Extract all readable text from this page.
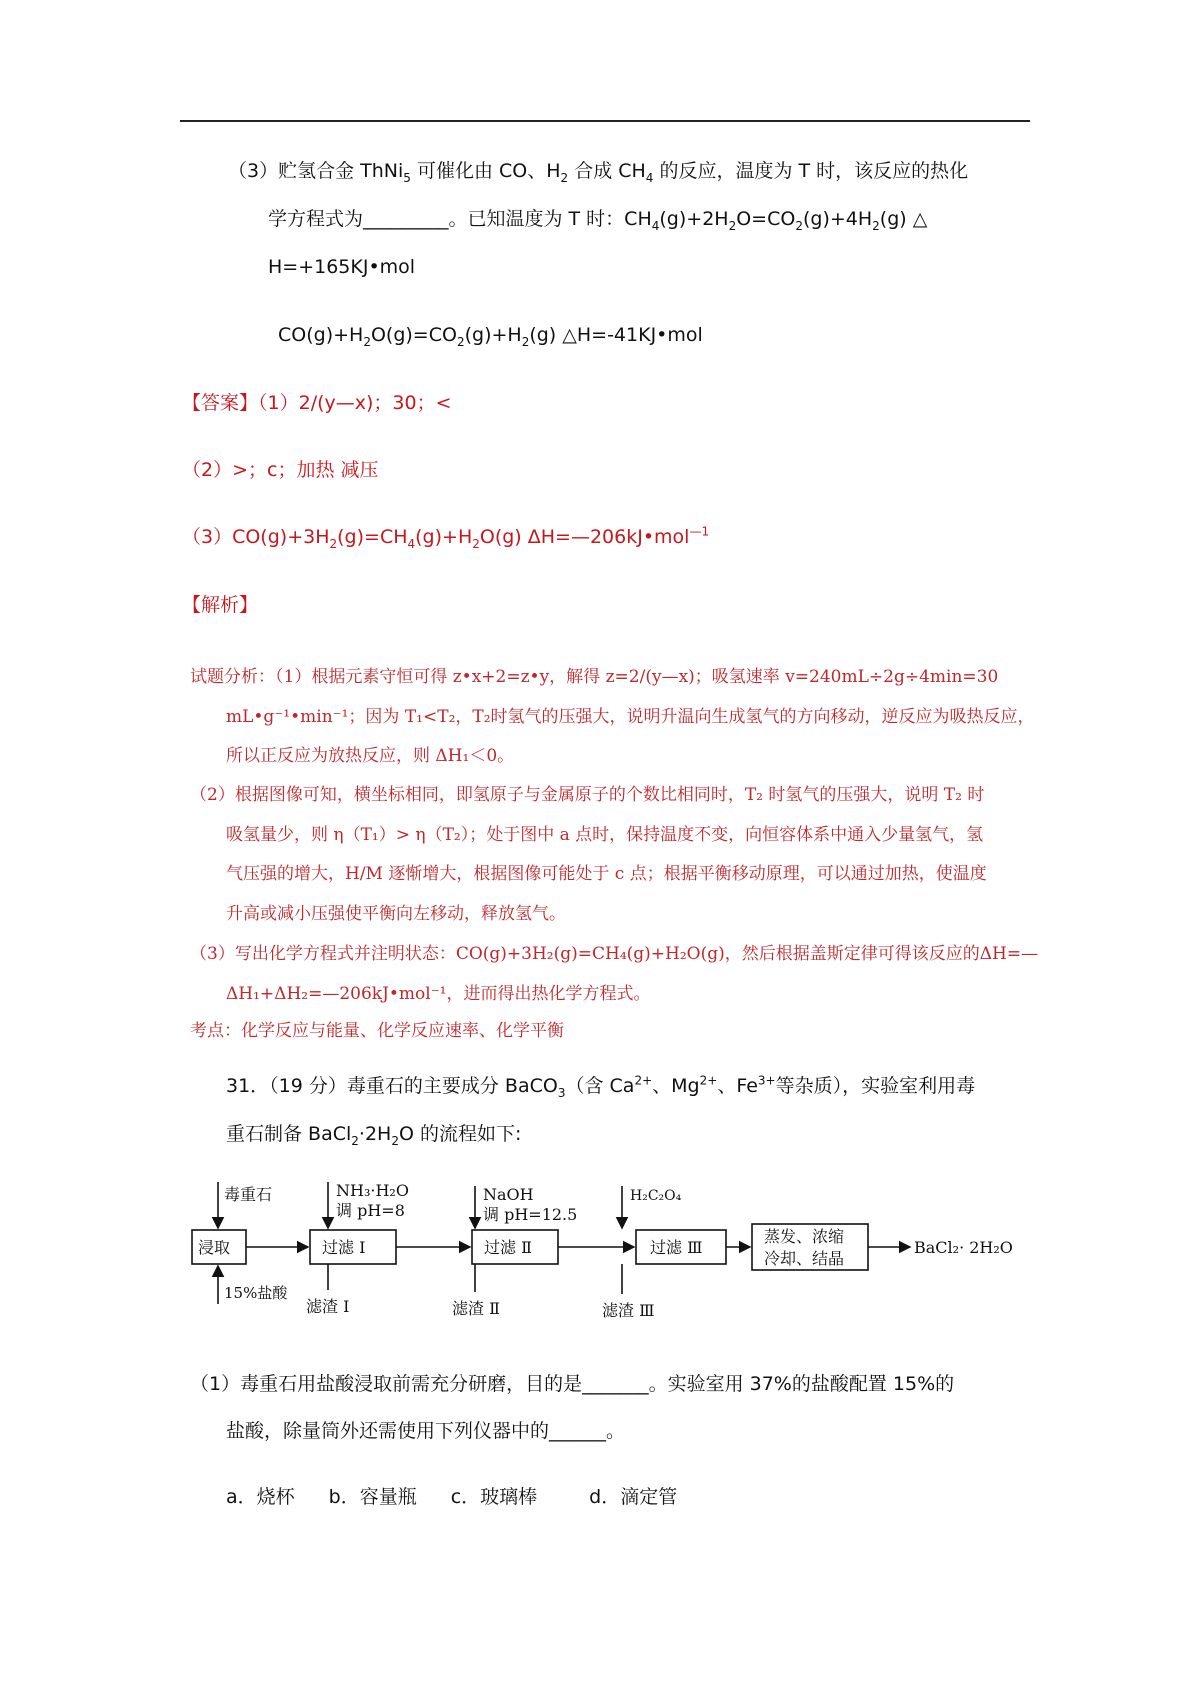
（3）贮氢合金 ThNi$_5$ 可催化由 CO、$H_2$ 合成 $CH_4$ 的反应，温度为 T 时，该反应的热化
学方程式为_________。已知温度为 T 时：$CH_4(g)+2H_2O=CO_2(g)+4H_2(g)$ △
H=+165KJ•mol
$CO(g)+H_2O(g)=CO_2(g)+H_2(g)$ △H=-41KJ•mol
【答案】（1）2/(y—x)；30；<
（2）>；c；加热 减压
$(3)CO(g)+3H_2(g)=CH_4(g)+H_2O(g)$ ΔH=—206kJ•mol$^{—1}$
【解析】
试题分析：（1）根据元素守恒可得 z•x+2=z•y，解得 z=2/(y—x)；吸氢速率 v=240mL÷2g÷4min=30
mL•g⁻¹•min⁻¹；因为 T₁<T₂，T₂时氢气的压强大，说明升温向生成氢气的方向移动，逆反应为吸热反应，
所以正反应为放热反应，则 ΔH₁＜0。
（2）根据图像可知，横坐标相同，即氢原子与金属原子的个数比相同时，T₂ 时氢气的压强大，说明 T₂ 时
吸氢量少，则 η（T₁）> η（T₂）；处于图中 a 点时，保持温度不变，向恒容体系中通入少量氢气，氢
气压强的增大，H/M 逐惭增大，根据图像可能处于 c 点；根据平衡移动原理，可以通过加热，使温度
升高或减小压强使平衡向左移动，释放氢气。
（3）写出化学方程式并注明状态：CO(g)+3H₂(g)=CH₄(g)+H₂O(g)，然后根据盖斯定律可得该反应的ΔH=—
ΔH₁+ΔH₂=—206kJ•mol⁻¹，进而得出热化学方程式。
考点：化学反应与能量、化学反应速率、化学平衡
31．（19 分）毒重石的主要成分 BaCO$_3$（含 $Ca^{2+}$、$Mg^{2+}$、$Fe^{3+}$等杂质），实验室利用毒
重石制备 $BaCl_2\cdot 2H_2O$ 的流程如下:
毒重石	NH₃·H₂O
调 pH=8
NaOH
调 pH=12.5
H₂C₂O₄
浸取	过滤 I	过滤 Ⅱ	过滤 Ⅲ
蒸发、浓缩
冷却、结晶
BaCl₂· 2H₂O
15%盐酸
滤渣 I	滤渣 Ⅱ	滤渣 Ⅲ
（1）毒重石用盐酸浸取前需充分研磨，目的是_______。实验室用 37%的盐酸配置 15%的
盐酸，除量筒外还需使用下列仪器中的______。
a．烧杯 b．容量瓶 c．玻璃棒	d．滴定管
